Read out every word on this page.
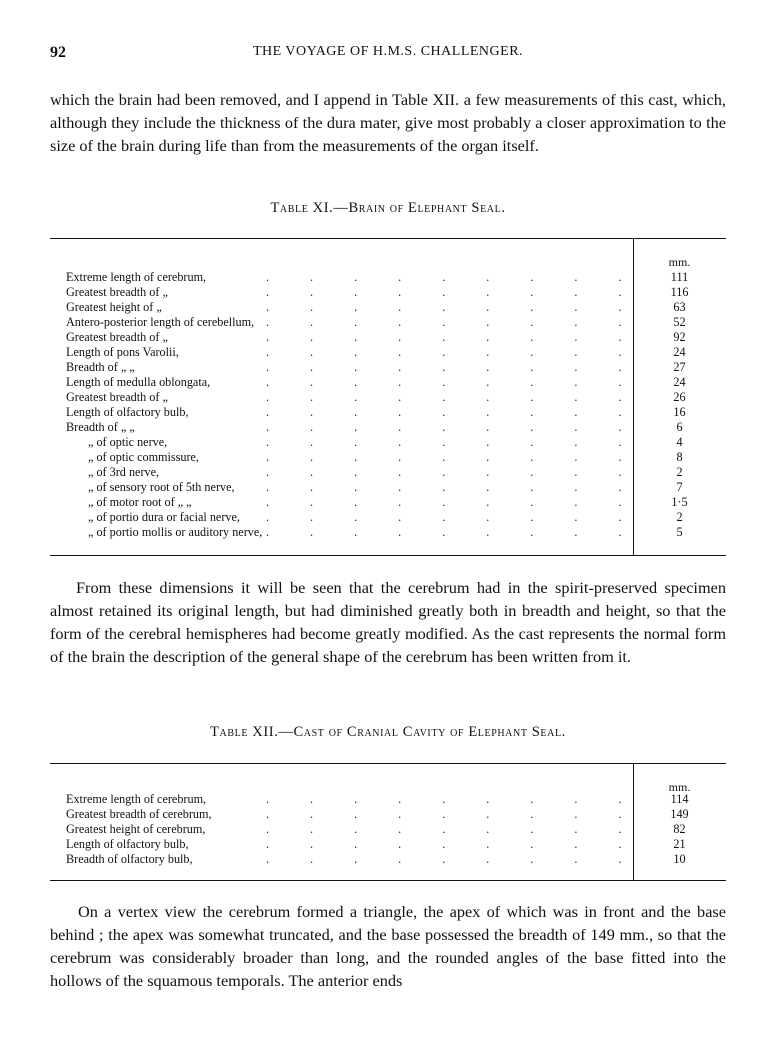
92	THE VOYAGE OF H.M.S. CHALLENGER.

which the brain had been removed, and I append in Table XII. a few measurements of this cast, which, although they include the thickness of the dura mater, give most probably a closer approximation to the size of the brain during life than from the measurements of the organ itself.

Table XI.—Brain of Elephant Seal.
mm.
Extreme length of cerebrum,	......... 111
Greatest breadth of „	......... 116
Greatest height of „	......... 63
Antero-posterior length of cerebellum, ......... 52
Greatest breadth of „	......... 92
Length of pons Varolii,	......... 24
Breadth of „ „	......... 27
Length of medulla oblongata,	......... 24
Greatest breadth of „	......... 26
Length of olfactory bulb,	......... 16
Breadth of „ „	.........	6
„ of optic nerve,	.........	4
„ of optic commissure,	.........	8
„ of 3rd nerve,	.........	2
„ of sensory root of 5th nerve,	.........	7
„ of motor root of „ „	......... 1·5
„ of portio dura or facial nerve, .........	2
„ of portio mollis or auditory nerve, .........	5

From these dimensions it will be seen that the cerebrum had in the spirit-preserved specimen almost retained its original length, but had diminished greatly both in breadth and height, so that the form of the cerebral hemispheres had become greatly modified. As the cast represents the normal form of the brain the description of the general shape of the cerebrum has been written from it.

Table XII.—Cast of Cranial Cavity of Elephant Seal.
mm.
Extreme length of cerebrum,	......... 114
Greatest breadth of cerebrum,	......... 149
Greatest height of cerebrum,	......... 82
Length of olfactory bulb,	......... 21
Breadth of olfactory bulb,	......... 10

On a vertex view the cerebrum formed a triangle, the apex of which was in front and the base behind ; the apex was somewhat truncated, and the base possessed the breadth of 149 mm., so that the cerebrum was considerably broader than long, and the rounded angles of the base fitted into the hollows of the squamous temporals. The anterior ends
